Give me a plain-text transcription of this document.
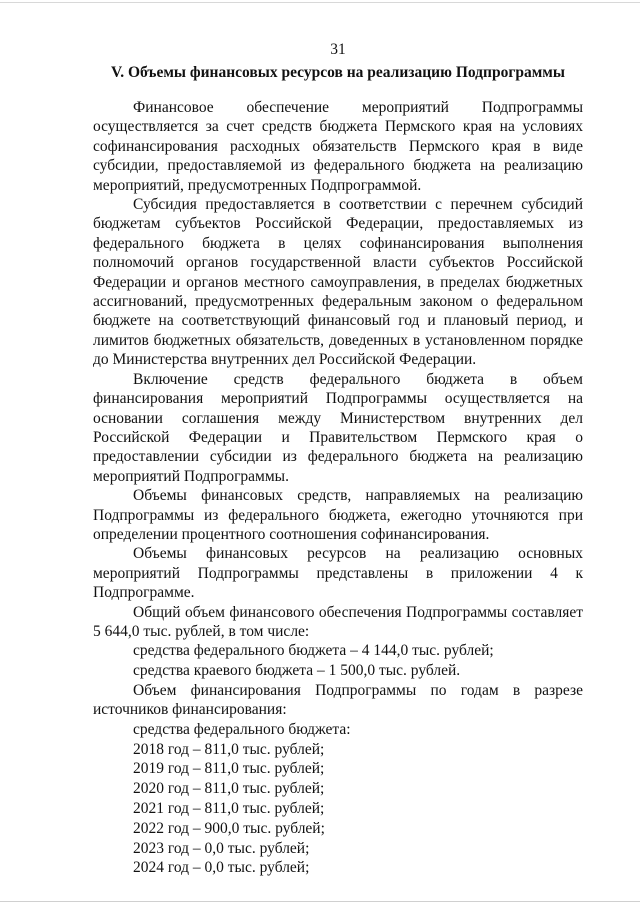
31
V. Объемы финансовых ресурсов на реализацию Подпрограммы

Финансовое обеспечение мероприятий Подпрограммы осуществляется за счет средств бюджета Пермского края на условиях софинансирования расходных обязательств Пермского края в виде субсидии, предоставляемой из федерального бюджета на реализацию мероприятий, предусмотренных Подпрограммой.

Субсидия предоставляется в соответствии с перечнем субсидий бюджетам субъектов Российской Федерации, предоставляемых из федерального бюджета в целях софинансирования выполнения полномочий органов государственной власти субъектов Российской Федерации и органов местного самоуправления, в пределах бюджетных ассигнований, предусмотренных федеральным законом о федеральном бюджете на соответствующий финансовый год и плановый период, и лимитов бюджетных обязательств, доведенных в установленном порядке до Министерства внутренних дел Российской Федерации.

Включение средств федерального бюджета в объем финансирования мероприятий Подпрограммы осуществляется на основании соглашения между Министерством внутренних дел Российской Федерации и Правительством Пермского края о предоставлении субсидии из федерального бюджета на реализацию мероприятий Подпрограммы.

Объемы финансовых средств, направляемых на реализацию Подпрограммы из федерального бюджета, ежегодно уточняются при определении процентного соотношения софинансирования.

Объемы финансовых ресурсов на реализацию основных мероприятий Подпрограммы представлены в приложении 4 к Подпрограмме.

Общий объем финансового обеспечения Подпрограммы составляет 5 644,0 тыс. рублей, в том числе:

средства федерального бюджета – 4 144,0 тыс. рублей;
средства краевого бюджета – 1 500,0 тыс. рублей.

Объем финансирования Подпрограммы по годам в разрезе источников финансирования:

средства федерального бюджета:
2018 год – 811,0 тыс. рублей;
2019 год – 811,0 тыс. рублей;
2020 год – 811,0 тыс. рублей;
2021 год – 811,0 тыс. рублей;
2022 год – 900,0 тыс. рублей;
2023 год – 0,0 тыс. рублей;
2024 год – 0,0 тыс. рублей;
